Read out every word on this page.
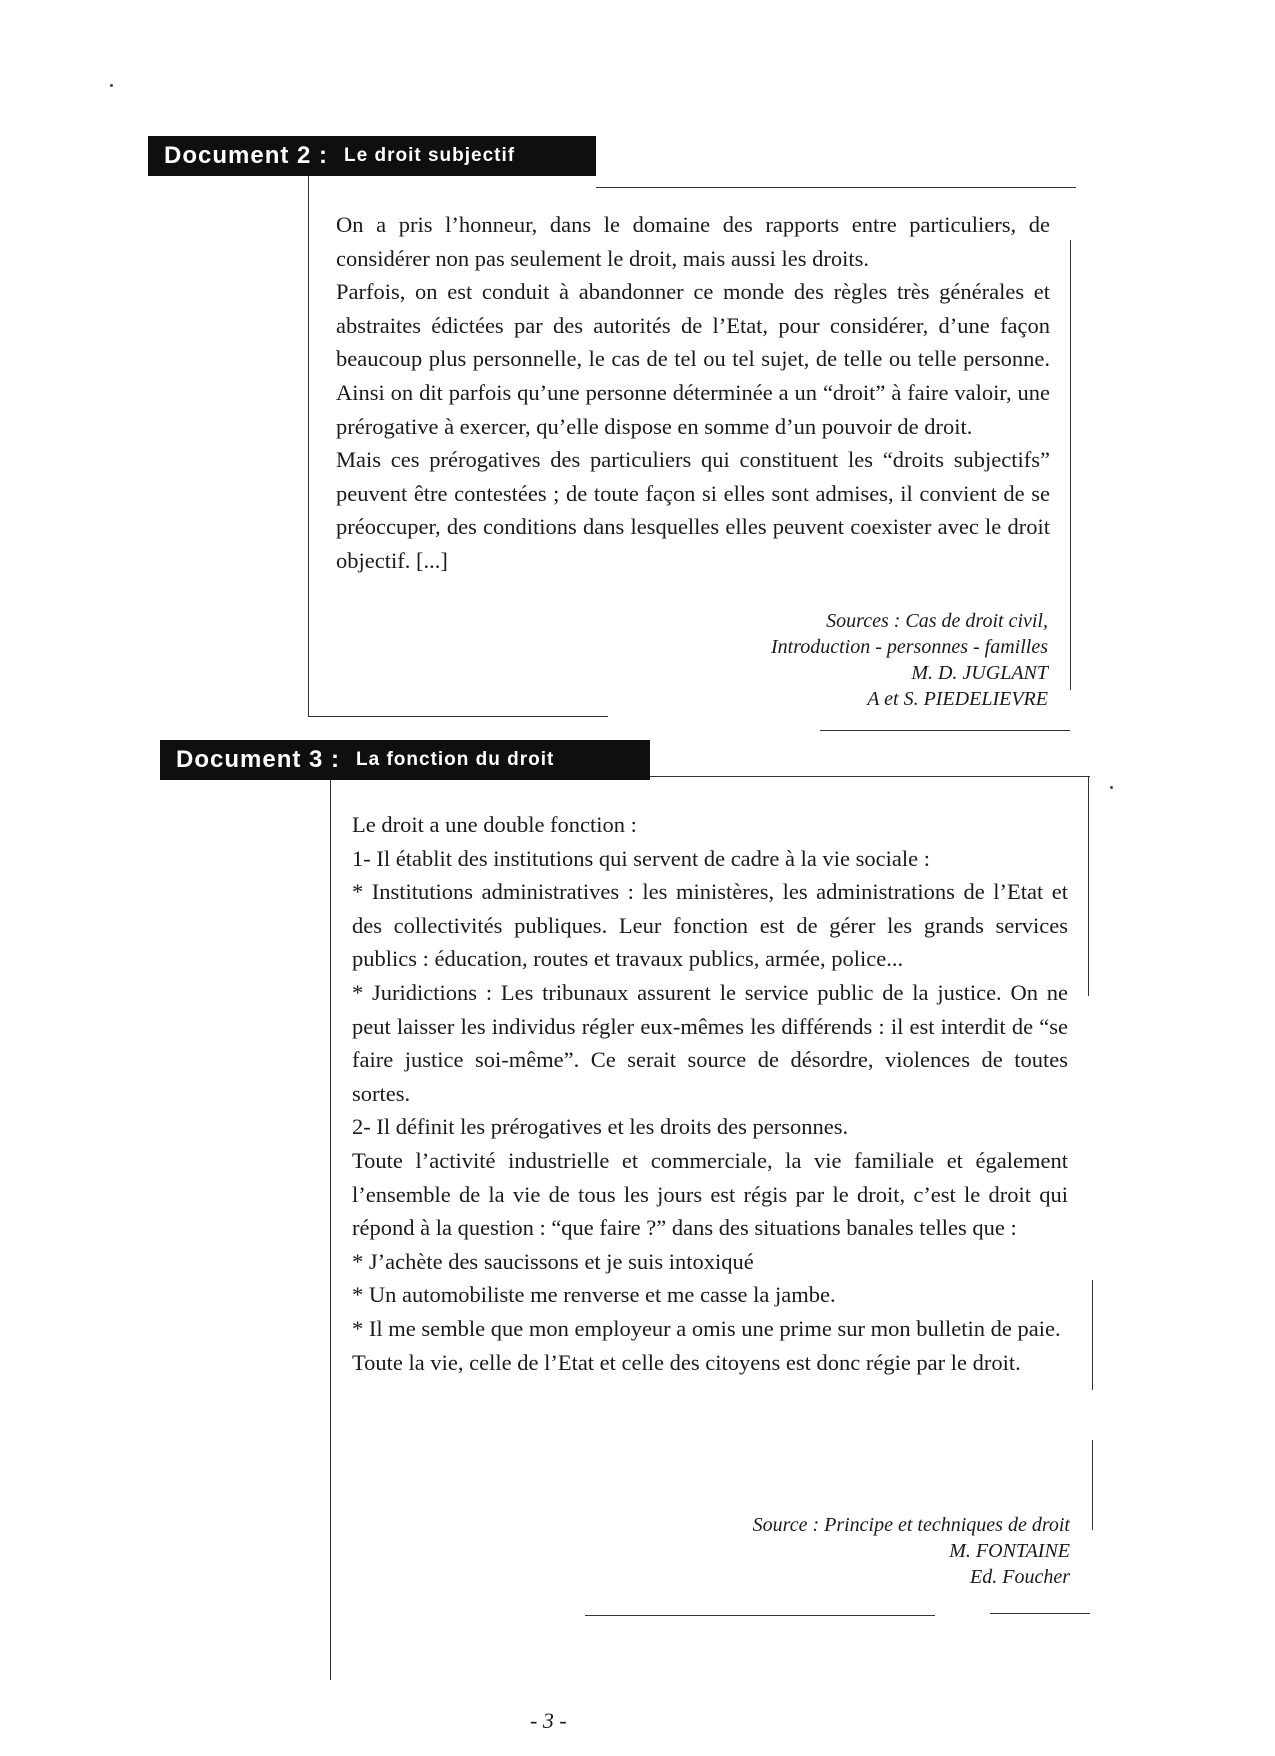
Document 2 : Le droit subjectif

On a pris l’honneur, dans le domaine des rapports entre particuliers, de considérer non pas seulement le droit, mais aussi les droits.

Parfois, on est conduit à abandonner ce monde des règles très générales et abstraites édictées par des autorités de l’Etat, pour considérer, d’une façon beaucoup plus personnelle, le cas de tel ou tel sujet, de telle ou telle personne. Ainsi on dit parfois qu’une personne déterminée a un “droit” à faire valoir, une prérogative à exercer, qu’elle dispose en somme d’un pouvoir de droit.

Mais ces prérogatives des particuliers qui constituent les “droits subjectifs” peuvent être contestées ; de toute façon si elles sont admises, il convient de se préoccuper, des conditions dans lesquelles elles peuvent coexister avec le droit objectif. [...]

Sources : Cas de droit civil,
Introduction - personnes - familles
M. D. JUGLANT
A et S. PIEDELIEVRE
Document 3 : La fonction du droit

Le droit a une double fonction :

1- Il établit des institutions qui servent de cadre à la vie sociale :

* Institutions administratives : les ministères, les administrations de l’Etat et des collectivités publiques. Leur fonction est de gérer les grands services publics : éducation, routes et travaux publics, armée, police...

* Juridictions : Les tribunaux assurent le service public de la justice. On ne peut laisser les individus régler eux-mêmes les différends : il est interdit de “se faire justice soi-même”. Ce serait source de désordre, violences de toutes sortes.

2- Il définit les prérogatives et les droits des personnes.

Toute l’activité industrielle et commerciale, la vie familiale et également l’ensemble de la vie de tous les jours est régis par le droit, c’est le droit qui répond à la question : “que faire ?” dans des situations banales telles que :

* J’achète des saucissons et je suis intoxiqué

* Un automobiliste me renverse et me casse la jambe.

* Il me semble que mon employeur a omis une prime sur mon bulletin de paie.

Toute la vie, celle de l’Etat et celle des citoyens est donc régie par le droit.

Source : Principe et techniques de droit
M. FONTAINE
Ed. Foucher
- 3 -
